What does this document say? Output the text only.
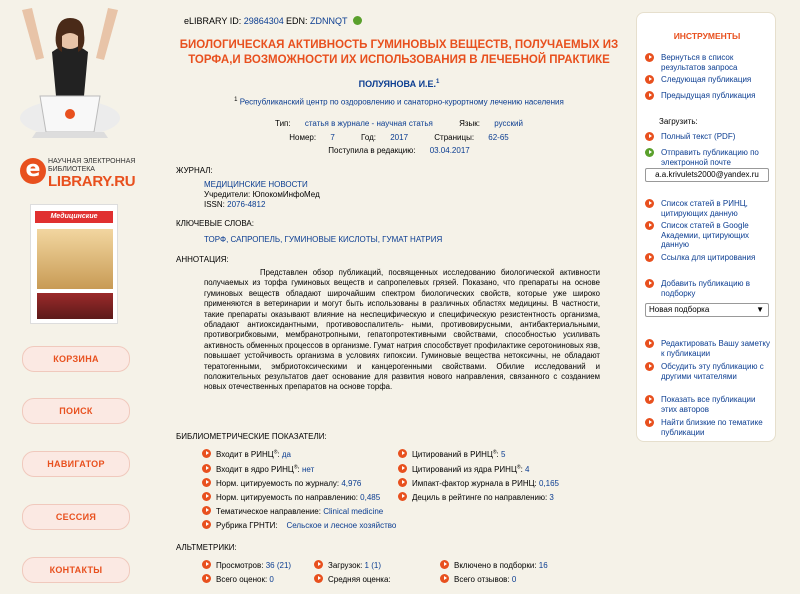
e	НАУЧНАЯ ЭЛЕКТРОННАЯ БИБЛИОТЕКА
LIBRARY.RU
Медицинские
КОРЗИНА
ПОИСК
НАВИГАТОР
СЕССИЯ
КОНТАКТЫ
eLIBRARY ID: 29864304 EDN: ZDNNQT
БИОЛОГИЧЕСКАЯ АКТИВНОСТЬ ГУМИНОВЫХ ВЕЩЕСТВ, ПОЛУЧАЕМЫХ ИЗ ТОРФА,И ВОЗМОЖНОСТИ ИХ ИСПОЛЬЗОВАНИЯ В ЛЕЧЕБНОЙ ПРАКТИКЕ
ПОЛУЯНОВА И.Е.$^1$
$^1$ Республиканский центр по оздоровлению и санаторно-курортному лечению населения
Тип: статья в журнале - научная статья	Язык: русский
Номер: 7	Год: 2017	Страницы: 62-65
Поступила в редакцию: 03.04.2017
ЖУРНАЛ:
МЕДИЦИНСКИЕ НОВОСТИ
Учредители: ЮпокомИнфоМед
ISSN: 2076-4812
КЛЮЧЕВЫЕ СЛОВА:
ТОРФ, САПРОПЕЛЬ, ГУМИНОВЫЕ КИСЛОТЫ, ГУМАТ НАТРИЯ
АННОТАЦИЯ:
Представлен обзор публикаций, посвященных исследованию биологической активности получаемых из торфа гуминовых веществ и сапропелевых грязей. Показано, что препараты на основе гуминовых веществ обладают широчайшим спектром биологических свойств, которые уже широко применяются в ветеринарии и могут быть использованы в различных областях медицины. В частности, такие препараты оказывают влияние на неспецифическую и специфическую резистентность организма, обладают антиоксидантными, противовоспалитель- ными, противовирусными, антибактериальными, противогрибковыми, мембранотропными, гепатопротективными свойствами, способностью усиливать активность обменных процессов в организме. Гумат натрия способствует профилактике серотониновых язв, повышает устойчивость организма в условиях гипоксии. Гуминовые вещества нетоксичны, не обладают тератогенными, эмбриотоксическими и канцерогенными свойствами. Обилие исследований и положительных результатов дает основание для развития нового направления, связанного с созданием новых отечественных препаратов на основе торфа.
БИБЛИОМЕТРИЧЕСКИЕ ПОКАЗАТЕЛИ:
Входит в РИНЦ®: да
Входит в ядро РИНЦ®: нет
Норм. цитируемость по журналу: 4,976
Норм. цитируемость по направлению: 0,485
Тематическое направление: Clinical medicine
Рубрика ГРНТИ: Сельское и лесное хозяйство
Цитирований в РИНЦ®: 5
Цитирований из ядра РИНЦ®: 4
Импакт-фактор журнала в РИНЦ: 0,165
Дециль в рейтинге по направлению: 3
АЛЬТМЕТРИКИ:
Просмотров: 36 (21)
Всего оценок: 0
Загрузок: 1 (1)
Средняя оценка:
Включено в подборки: 16
Всего отзывов: 0
ИНСТРУМЕНТЫ
Вернуться в список результатов запроса
Следующая публикация
Предыдущая публикация
Загрузить:
Полный текст (PDF)
Отправить публикацию по электронной почте
a.a.krivulets2000@yandex.ru
Список статей в РИНЦ, цитирующих данную
Список статей в Google Академии, цитирующих данную
Ссылка для цитирования
Добавить публикацию в подборку
Новая подборка	▼
Редактировать Вашу заметку к публикации
Обсудить эту публикацию с другими читателями
Показать все публикации этих авторов
Найти близкие по тематике публикации
